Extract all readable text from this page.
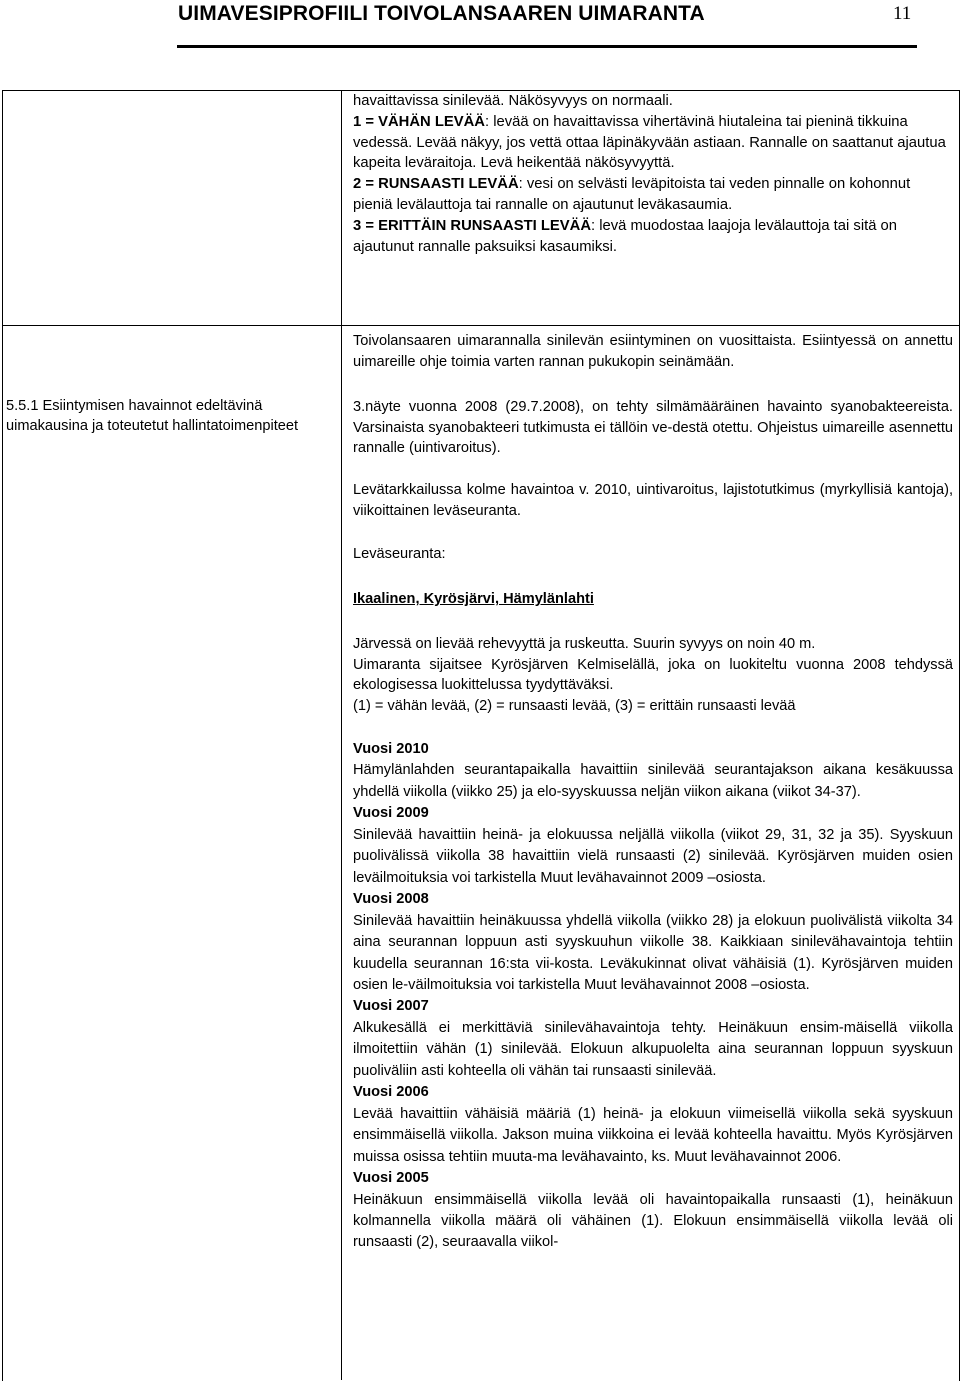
UIMAVESIPROFIILI TOIVOLANSAAREN UIMARANTA	11

havaittavissa sinilevää. Näkösyvyys on normaali.

1 = VÄHÄN LEVÄÄ: levää on havaittavissa vihertävinä hiutaleina tai pieninä tikkuina vedessä. Levää näkyy, jos vettä ottaa läpinäkyvään astiaan. Rannalle on saattanut ajautua kapeita leväraitoja. Levä heikentää näkösyvyyttä.

2 = RUNSAASTI LEVÄÄ: vesi on selvästi leväpitoista tai veden pinnalle on kohonnut pieniä levälauttoja tai rannalle on ajautunut leväkasaumia.

3 = ERITTÄIN RUNSAASTI LEVÄÄ: levä muodostaa laajoja levälauttoja tai sitä on ajautunut rannalle paksuiksi kasaumiksi.

5.5.1 Esiintymisen havainnot edeltävinä uimakausina ja toteutetut hallintatoimenpiteet
Toivolansaaren uimarannalla sinilevän esiintyminen on vuosittaista. Esiintyessä on annettu uimareille ohje toimia varten rannan pukukopin seinämään.
3.näyte vuonna 2008 (29.7.2008), on tehty silmämääräinen havainto syanobakteereista. Varsinaista syanobakteeri tutkimusta ei tällöin ve-destä otettu. Ohjeistus uimareille asennettu rannalle (uintivaroitus).
Levätarkkailussa kolme havaintoa v. 2010, uintivaroitus, lajistotutkimus (myrkyllisiä kantoja), viikoittainen leväseuranta.
Leväseuranta:
Ikaalinen, Kyrösjärvi, Hämylänlahti

Järvessä on lievää rehevyyttä ja ruskeutta. Suurin syvyys on noin 40 m.

Uimaranta sijaitsee Kyrösjärven Kelmiselällä, joka on luokiteltu vuonna 2008 tehdyssä ekologisessa luokittelussa tyydyttäväksi.

(1) = vähän levää, (2) = runsaasti levää, (3) = erittäin runsaasti levää

Vuosi 2010

Hämylänlahden seurantapaikalla havaittiin sinilevää seurantajakson aikana kesäkuussa yhdellä viikolla (viikko 25) ja elo-syyskuussa neljän viikon aikana (viikot 34-37).

Vuosi 2009

Sinilevää havaittiin heinä- ja elokuussa neljällä viikolla (viikot 29, 31, 32 ja 35). Syyskuun puolivälissä viikolla 38 havaittiin vielä runsaasti (2) sinilevää. Kyrösjärven muiden osien leväilmoituksia voi tarkistella Muut levähavainnot 2009 –osiosta.

Vuosi 2008

Sinilevää havaittiin heinäkuussa yhdellä viikolla (viikko 28) ja elokuun puolivälistä viikolta 34 aina seurannan loppuun asti syyskuuhun viikolle 38. Kaikkiaan sinilevähavaintoja tehtiin kuudella seurannan 16:sta vii-kosta. Leväkukinnat olivat vähäisiä (1). Kyrösjärven muiden osien le-väilmoituksia voi tarkistella Muut levähavainnot 2008 –osiosta.

Vuosi 2007

Alkukesällä ei merkittäviä sinilevähavaintoja tehty. Heinäkuun ensim-mäisellä viikolla ilmoitettiin vähän (1) sinilevää. Elokuun alkupuolelta aina seurannan loppuun syyskuun puoliväliin asti kohteella oli vähän tai runsaasti sinilevää.

Vuosi 2006

Levää havaittiin vähäisiä määriä (1) heinä- ja elokuun viimeisellä viikolla sekä syyskuun ensimmäisellä viikolla. Jakson muina viikkoina ei levää kohteella havaittu. Myös Kyrösjärven muissa osissa tehtiin muuta-ma levähavainto, ks. Muut levähavainnot 2006.

Vuosi 2005

Heinäkuun ensimmäisellä viikolla levää oli havaintopaikalla runsaasti (1), heinäkuun kolmannella viikolla määrä oli vähäinen (1). Elokuun ensimmäisellä viikolla levää oli runsaasti (2), seuraavalla viikol-
